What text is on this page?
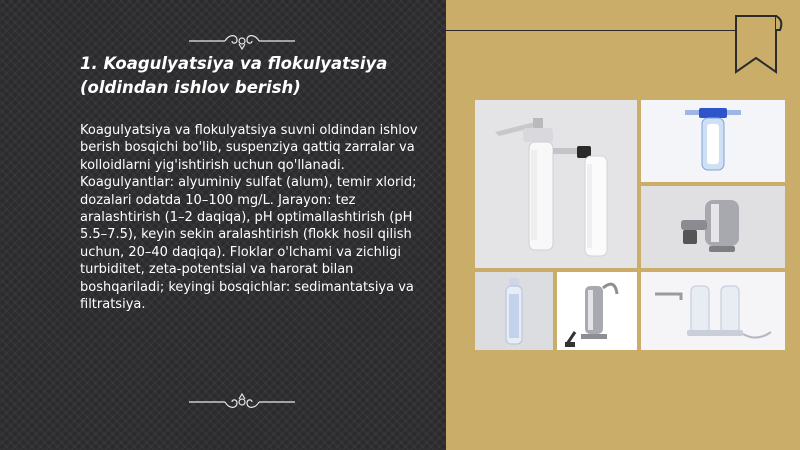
1. Koagulyatsiya va flokulyatsiya
(oldindan ishlov berish)

Koagulyatsiya va flokulyatsiya suvni oldindan ishlov berish bosqichi bo'lib, suspenziya qattiq zarralar va kolloidlarni yig'ishtirish uchun qo'llanadi. Koagulyantlar: alyuminiy sulfat (alum), temir xlorid; dozalari odatda 10–100 mg/L. Jarayon: tez aralashtirish (1–2 daqiqa), pH optimallashtirish (pH 5.5–7.5), keyin sekin aralashtirish (flokk hosil qilish uchun, 20–40 daqiqa). Floklar o'lchami va zichligi turbiditet, zeta-potentsial va harorat bilan boshqariladi; keyingi bosqichlar: sedimantatsiya va filtratsiya.
